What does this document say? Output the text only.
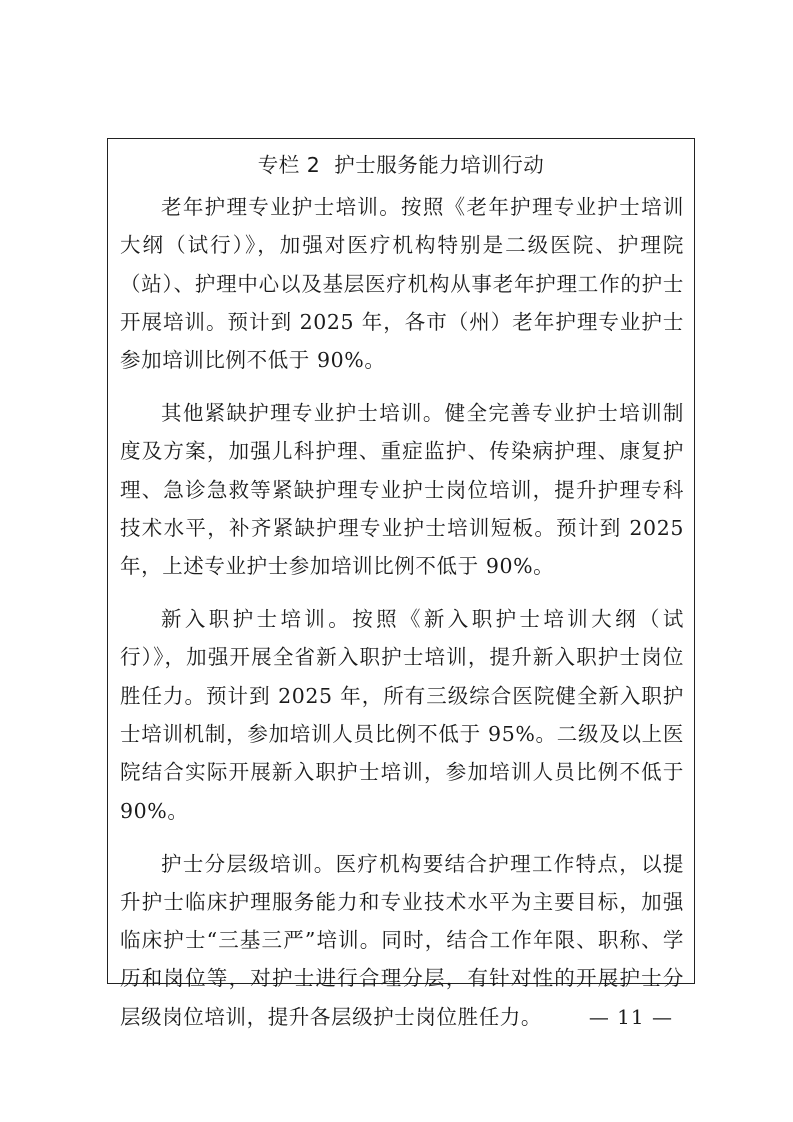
专栏 2 护士服务能力培训行动

老年护理专业护士培训。按照《老年护理专业护士培训大纲（试行）》，加强对医疗机构特别是二级医院、护理院（站）、护理中心以及基层医疗机构从事老年护理工作的护士开展培训。预计到 2025 年，各市（州）老年护理专业护士参加培训比例不低于 90%。

其他紧缺护理专业护士培训。健全完善专业护士培训制度及方案，加强儿科护理、重症监护、传染病护理、康复护理、急诊急救等紧缺护理专业护士岗位培训，提升护理专科技术水平，补齐紧缺护理专业护士培训短板。预计到 2025 年，上述专业护士参加培训比例不低于 90%。

新入职护士培训。按照《新入职护士培训大纲（试行）》，加强开展全省新入职护士培训，提升新入职护士岗位胜任力。预计到 2025 年，所有三级综合医院健全新入职护士培训机制，参加培训人员比例不低于 95%。二级及以上医院结合实际开展新入职护士培训，参加培训人员比例不低于 90%。

护士分层级培训。医疗机构要结合护理工作特点，以提升护士临床护理服务能力和专业技术水平为主要目标，加强临床护士“三基三严”培训。同时，结合工作年限、职称、学历和岗位等，对护士进行合理分层，有针对性的开展护士分层级岗位培训，提升各层级护士岗位胜任力。	— 11 —
